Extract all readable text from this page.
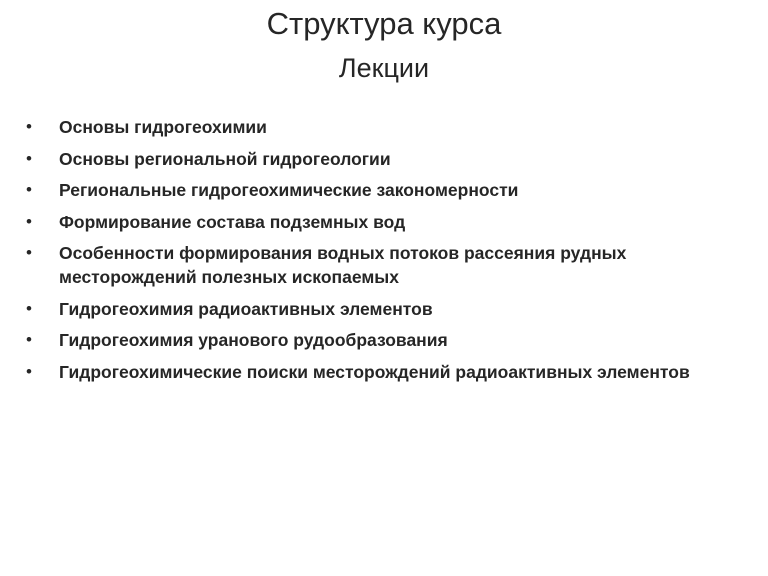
Структура курса
Лекции
• Основы гидрогеохимии
• Основы региональной гидрогеологии
• Региональные гидрогеохимические закономерности
• Формирование состава подземных вод
• Особенности формирования водных потоков рассеяния рудных месторождений полезных ископаемых
• Гидрогеохимия радиоактивных элементов
• Гидрогеохимия уранового рудообразования
• Гидрогеохимические поиски месторождений радиоактивных элементов
